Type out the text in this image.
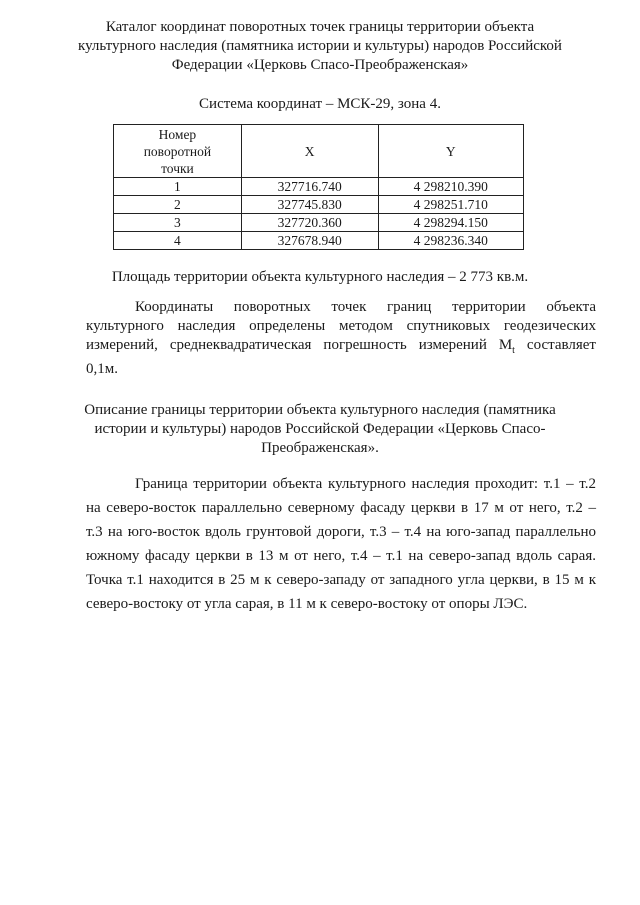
Каталог координат поворотных точек границы территории объекта
культурного наследия (памятника истории и культуры) народов Российской
Федерации «Церковь Спасо-Преображенская»
Система координат – МСК-29, зона 4.
Номер
поворотной
точки	X	Y
1	327716.740	4 298210.390
2	327745.830	4 298251.710
3	327720.360	4 298294.150
4	327678.940	4 298236.340
Площадь территории объекта культурного наследия – 2 773 кв.м.
Координаты поворотных точек границ территории объекта
культурного наследия определены методом спутниковых геодезических
измерений, среднеквадратическая погрешность измерений $M_t$ составляет
0,1м.
Описание границы территории объекта культурного наследия (памятника
истории и культуры) народов Российской Федерации «Церковь Спасо-
Преображенская».
Граница территории объекта культурного наследия проходит: т.1 – т.2
на северо-восток параллельно северному фасаду церкви в 17 м от него, т.2 –
т.3 на юго-восток вдоль грунтовой дороги, т.3 – т.4 на юго-запад параллельно
южному фасаду церкви в 13 м от него, т.4 – т.1 на северо-запад вдоль сарая.
Точка т.1 находится в 25 м к северо-западу от западного угла церкви, в 15 м к
северо-востоку от угла сарая, в 11 м к северо-востоку от опоры ЛЭС.
